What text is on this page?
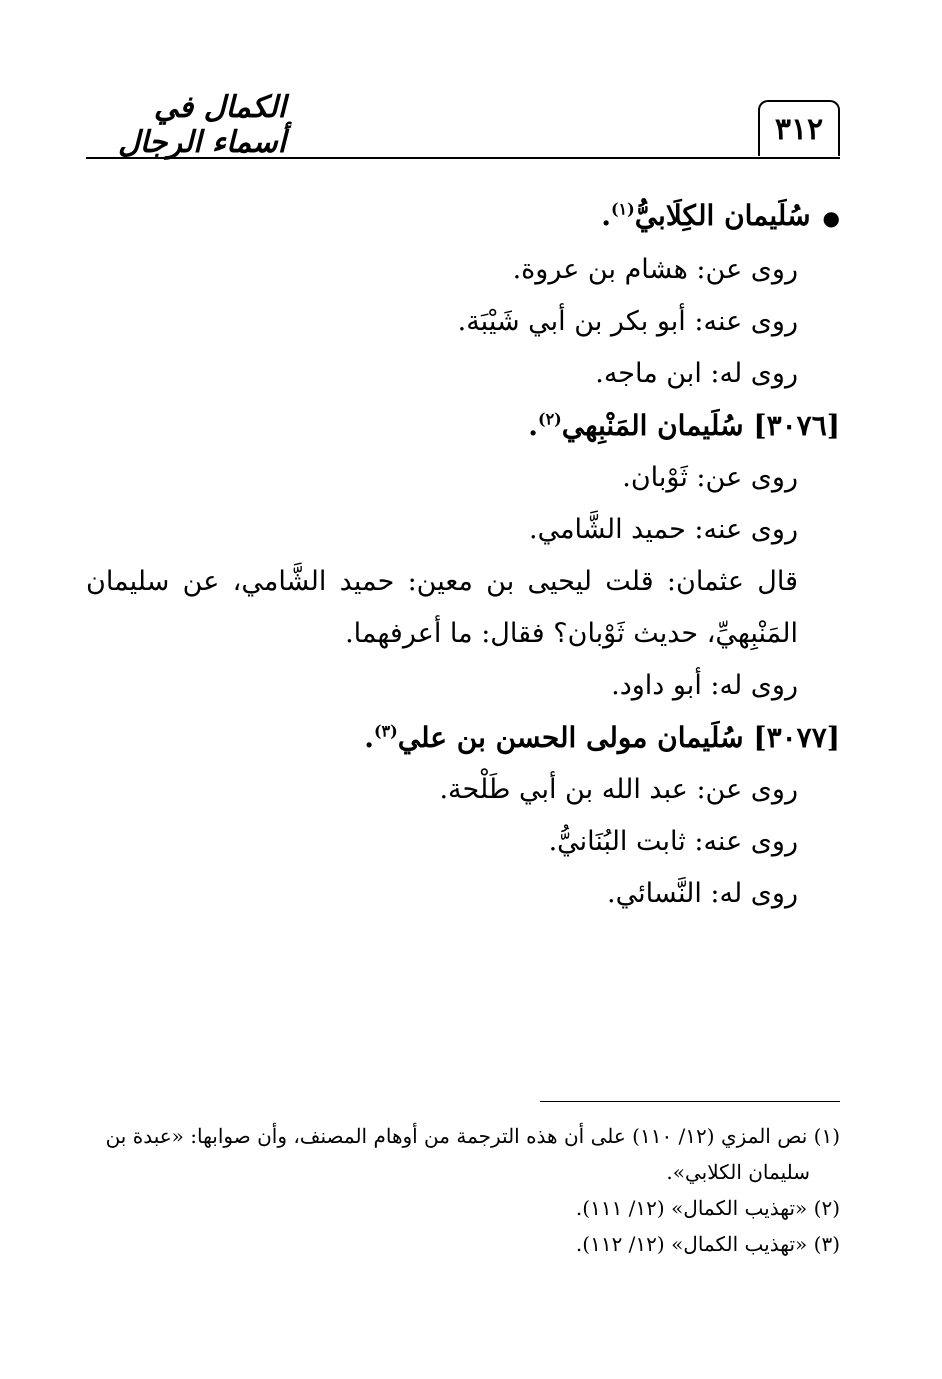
٣١٢
الكمال في أسماء الرجال
●سُلَيمان الكِلَابيُّ$^{(١)}$.
روى عن: هشام بن عروة.
روى عنه: أبو بكر بن أبي شَيْبَة.
روى له: ابن ماجه.
[٣٠٧٦] سُلَيمان المَنْبِهي$^{(٢)}$.
روى عن: ثَوْبان.
روى عنه: حميد الشَّامي.
قال عثمان: قلت ليحيى بن معين: حميد الشَّامي، عن سليمان المَنْبِهيِّ، حديث ثَوْبان؟ فقال: ما أعرفهما.
روى له: أبو داود.
[٣٠٧٧] سُلَيمان مولى الحسن بن علي$^{(٣)}$.
روى عن: عبد الله بن أبي طَلْحة.
روى عنه: ثابت البُنَانيُّ.
روى له: النَّسائي.
(١) نص المزي (١٢/ ١١٠) على أن هذه الترجمة من أوهام المصنف، وأن صوابها: «عبدة بن
سليمان الكلابي».
(٢) «تهذيب الكمال» (١٢/ ١١١).
(٣) «تهذيب الكمال» (١٢/ ١١٢).
